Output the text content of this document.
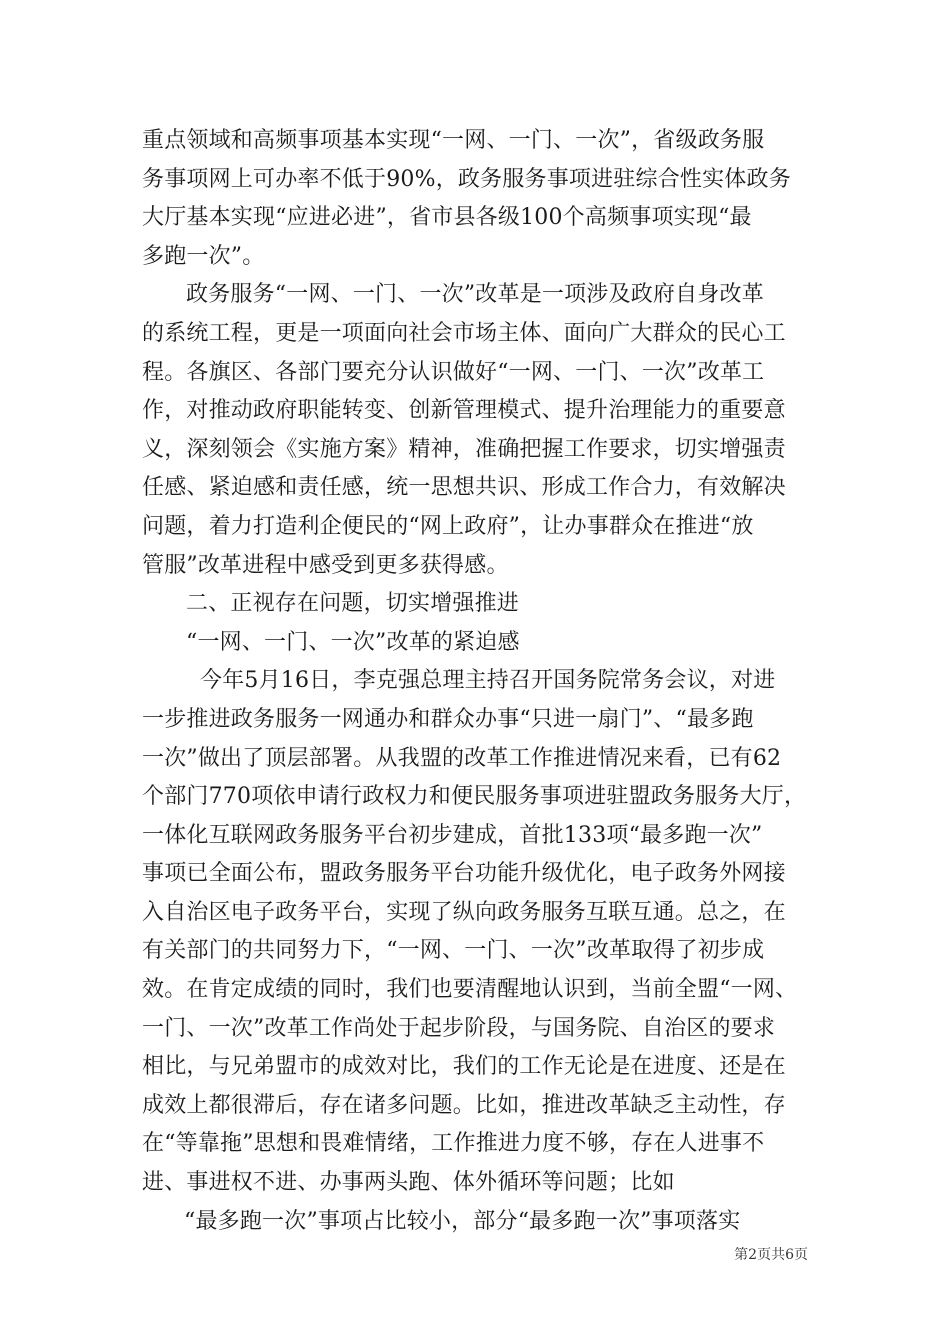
重点领域和高频事项基本实现“一网、一门、一次”，省级政务服
务事项网上可办率不低于90%，政务服务事项进驻综合性实体政务
大厅基本实现“应进必进”，省市县各级100个高频事项实现“最
多跑一次”。
政务服务“一网、一门、一次”改革是一项涉及政府自身改革
的系统工程，更是一项面向社会市场主体、面向广大群众的民心工
程。各旗区、各部门要充分认识做好“一网、一门、一次”改革工
作，对推动政府职能转变、创新管理模式、提升治理能力的重要意
义，深刻领会《实施方案》精神，准确把握工作要求，切实增强责
任感、紧迫感和责任感，统一思想共识、形成工作合力，有效解决
问题，着力打造利企便民的“网上政府”，让办事群众在推进“放
管服”改革进程中感受到更多获得感。
二、正视存在问题，切实增强推进
“一网、一门、一次”改革的紧迫感
今年5月16日，李克强总理主持召开国务院常务会议，对进
一步推进政务服务一网通办和群众办事“只进一扇门”、“最多跑
一次”做出了顶层部署。从我盟的改革工作推进情况来看，已有62
个部门770项依申请行政权力和便民服务事项进驻盟政务服务大厅，
一体化互联网政务服务平台初步建成，首批133项“最多跑一次”
事项已全面公布，盟政务服务平台功能升级优化，电子政务外网接
入自治区电子政务平台，实现了纵向政务服务互联互通。总之，在
有关部门的共同努力下，“一网、一门、一次”改革取得了初步成
效。在肯定成绩的同时，我们也要清醒地认识到，当前全盟“一网、
一门、一次”改革工作尚处于起步阶段，与国务院、自治区的要求
相比，与兄弟盟市的成效对比，我们的工作无论是在进度、还是在
成效上都很滞后，存在诸多问题。比如，推进改革缺乏主动性，存
在“等靠拖”思想和畏难情绪，工作推进力度不够，存在人进事不
进、事进权不进、办事两头跑、体外循环等问题；比如
“最多跑一次”事项占比较小，部分“最多跑一次”事项落实
第2页共6页
